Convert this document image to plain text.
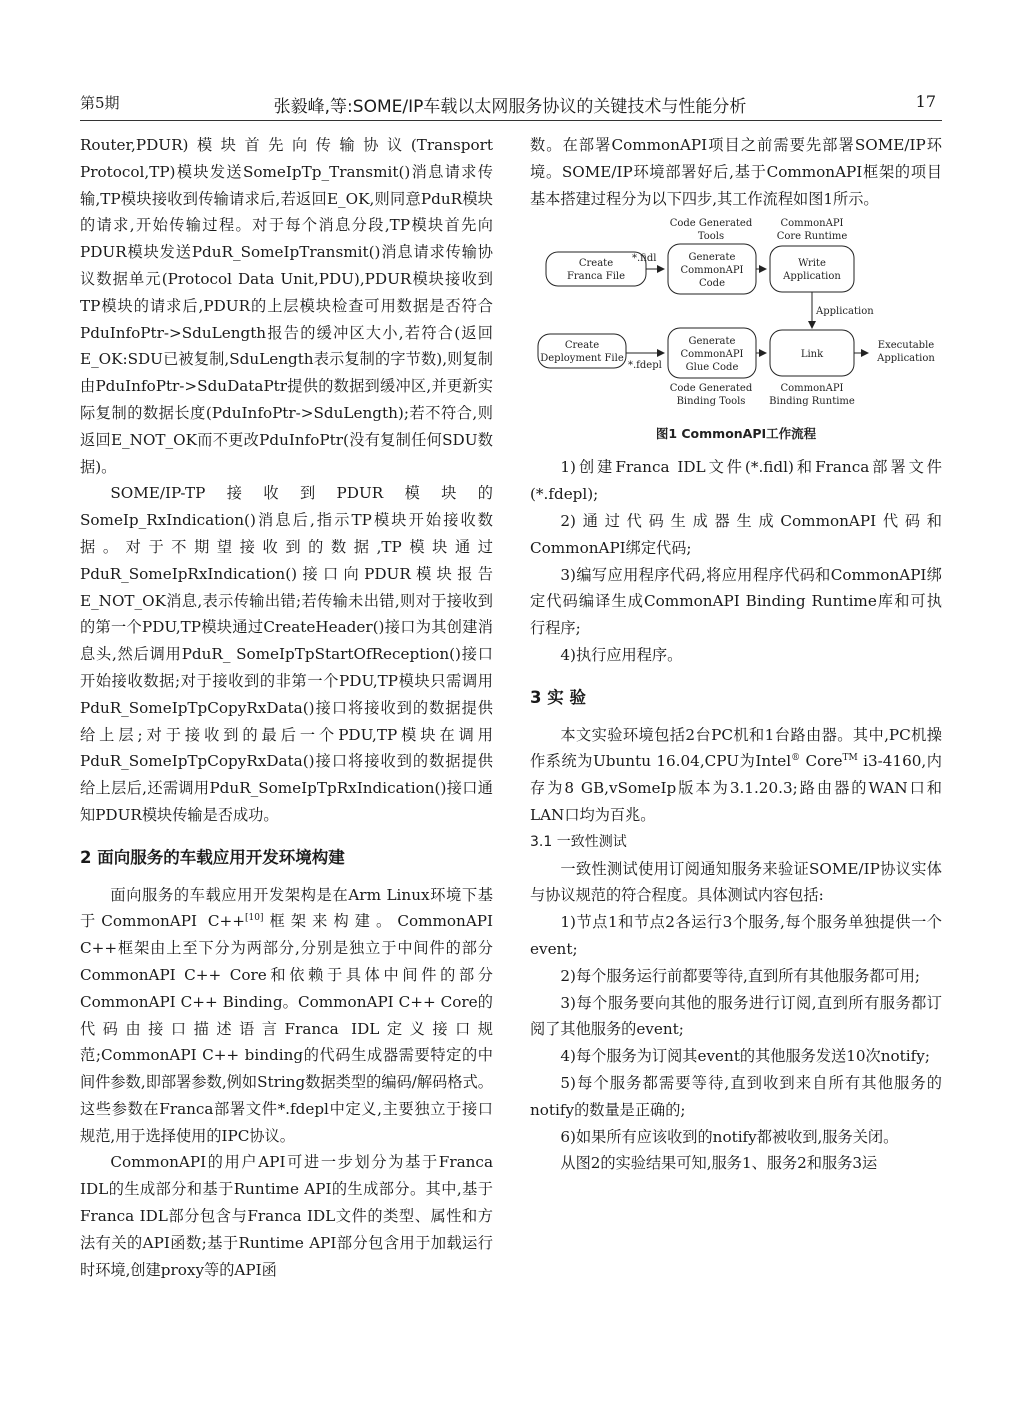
第5期	张毅峰,等:SOME/IP车载以太网服务协议的关键技术与性能分析	17

Router,PDUR)模块首先向传输协议(Transport Protocol,TP)模块发送SomeIpTp_Transmit()消息请求传输,TP模块接收到传输请求后,若返回E_OK,则同意PduR模块的请求,开始传输过程。对于每个消息分段,TP模块首先向PDUR模块发送PduR_SomeIpTransmit()消息请求传输协议数据单元(Protocol Data Unit,PDU),PDUR模块接收到TP模块的请求后,PDUR的上层模块检查可用数据是否符合PduInfoPtr->SduLength报告的缓冲区大小,若符合(返回E_OK:SDU已被复制,SduLength表示复制的字节数),则复制由PduInfoPtr->SduDataPtr提供的数据到缓冲区,并更新实际复制的数据长度(PduInfoPtr->SduLength);若不符合,则返回E_NOT_OK而不更改PduInfoPtr(没有复制任何SDU数据)。

SOME/IP-TP接收到PDUR模块的SomeIp_RxIndication()消息后,指示TP模块开始接收数据。对于不期望接收到的数据,TP模块通过PduR_SomeIpRxIndication()接口向PDUR模块报告E_NOT_OK消息,表示传输出错;若传输未出错,则对于接收到的第一个PDU,TP模块通过CreateHeader()接口为其创建消息头,然后调用PduR_ SomeIpTpStartOfReception()接口开始接收数据;对于接收到的非第一个PDU,TP模块只需调用PduR_SomeIpTpCopyRxData()接口将接收到的数据提供给上层;对于接收到的最后一个PDU,TP模块在调用PduR_SomeIpTpCopyRxData()接口将接收到的数据提供给上层后,还需调用PduR_SomeIpTpRxIndication()接口通知PDUR模块传输是否成功。

2 面向服务的车载应用开发环境构建

面向服务的车载应用开发架构是在Arm Linux环境下基于CommonAPI C++[10]框架来构建。CommonAPI C++框架由上至下分为两部分,分别是独立于中间件的部分CommonAPI C++ Core和依赖于具体中间件的部分CommonAPI C++ Binding。CommonAPI C++ Core的代码由接口描述语言Franca IDL定义接口规范;CommonAPI C++ binding的代码生成器需要特定的中间件参数,即部署参数,例如String数据类型的编码/解码格式。这些参数在Franca部署文件*.fdepl中定义,主要独立于接口规范,用于选择使用的IPC协议。

CommonAPI的用户API可进一步划分为基于Franca IDL的生成部分和基于Runtime API的生成部分。其中,基于Franca IDL部分包含与Franca IDL文件的类型、属性和方法有关的API函数;基于Runtime API部分包含用于加载运行时环境,创建proxy等的API函

数。在部署CommonAPI项目之前需要先部署SOME/IP环境。SOME/IP环境部署好后,基于CommonAPI框架的项目基本搭建过程分为以下四步,其工作流程如图1所示。

Code Generated
Tools
CommonAPI
Core Runtime
Create
Franca File
*.fidl	Generate
CommonAPI
Code
Write
Application
Application
Create
Deployment File
*.fdepl
Generate
CommonAPI
Glue Code
Link
Executable
Application
Code Generated
Binding Tools
CommonAPI
Binding Runtime
图1 CommonAPI工作流程

1)创建Franca IDL文件(*.fidl)和Franca部署文件(*.fdepl);

2)通过代码生成器生成CommonAPI代码和CommonAPI绑定代码;

3)编写应用程序代码,将应用程序代码和CommonAPI绑定代码编译生成CommonAPI Binding Runtime库和可执行程序;

4)执行应用程序。

3 实 验

本文实验环境包括2台PC机和1台路由器。其中,PC机操作系统为Ubuntu 16.04,CPU为Intel® Core™ i3-4160,内存为8 GB,vSomeIp版本为3.1.20.3;路由器的WAN口和LAN口均为百兆。

3.1 一致性测试

一致性测试使用订阅通知服务来验证SOME/IP协议实体与协议规范的符合程度。具体测试内容包括:

1)节点1和节点2各运行3个服务,每个服务单独提供一个event;

2)每个服务运行前都要等待,直到所有其他服务都可用;

3)每个服务要向其他的服务进行订阅,直到所有服务都订阅了其他服务的event;

4)每个服务为订阅其event的其他服务发送10次notify;

5)每个服务都需要等待,直到收到来自所有其他服务的notify的数量是正确的;

6)如果所有应该收到的notify都被收到,服务关闭。

从图2的实验结果可知,服务1、服务2和服务3运
